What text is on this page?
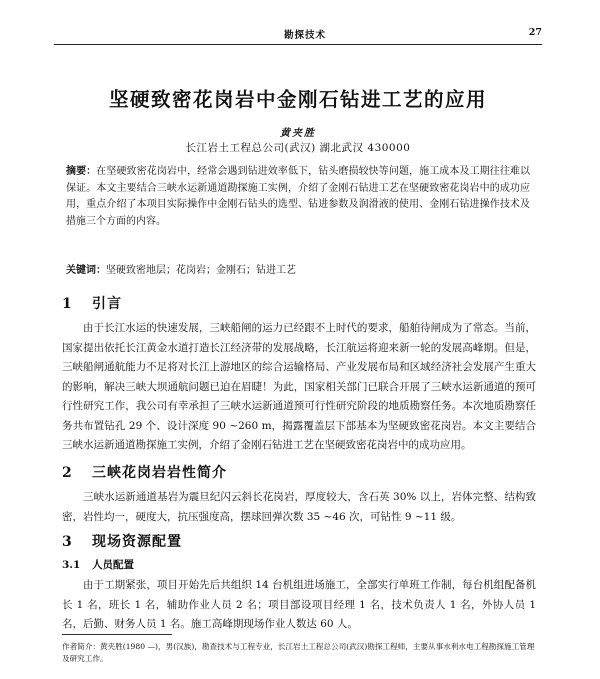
勘探技术	27
坚硬致密花岗岩中金刚石钻进工艺的应用
黄夹胜
长江岩土工程总公司(武汉) 湖北武汉 430000
摘要：在坚硬致密花岗岩中，经常会遇到钻进效率低下，钻头磨损较快等问题，施工成本及工期往往难以保证。本文主要结合三峡水运新通道勘探施工实例，介绍了金刚石钻进工艺在坚硬致密花岗岩中的成功应用，重点介绍了本项目实际操作中金刚石钻头的选型、钻进参数及润滑液的使用、金刚石钻进操作技术及措施三个方面的内容。
关键词：坚硬致密地层；花岗岩；金刚石；钻进工艺
1 引言
由于长江水运的快速发展，三峡船闸的运力已经跟不上时代的要求，船舶待闸成为了常态。当前，国家提出依托长江黄金水道打造长江经济带的发展战略，长江航运将迎来新一轮的发展高峰期。但是，三峡船闸通航能力不足将对长江上游地区的综合运输格局、产业发展布局和区域经济社会发展产生重大的影响，解决三峡大坝通航问题已迫在眉睫！为此，国家相关部门已联合开展了三峡水运新通道的预可行性研究工作，我公司有幸承担了三峡水运新通道预可行性研究阶段的地质勘察任务。本次地质勘察任务共布置钻孔 29 个、设计深度 90 ~260 m，揭露覆盖层下部基本为坚硬致密花岗岩。本文主要结合三峡水运新通道勘探施工实例，介绍了金刚石钻进工艺在坚硬致密花岗岩中的成功应用。
2 三峡花岗岩岩性简介
三峡水运新通道基岩为震旦纪闪云斜长花岗岩，厚度较大，含石英 30% 以上，岩体完整、结构致密，岩性均一，硬度大，抗压强度高，摆球回弹次数 35 ~46 次，可钻性 9 ~11 级。
3 现场资源配置
3.1 人员配置
由于工期紧张，项目开始先后共组织 14 台机组进场施工，全部实行单班工作制，每台机组配备机长 1 名，班长 1 名，辅助作业人员 2 名；项目部设项目经理 1 名，技术负责人 1 名，外协人员 1 名，后勤、财务人员 1 名。施工高峰期现场作业人数达 60 人。
作者简介：黄夹胜(1980 —)，男(汉族)，勘查技术与工程专业，长江岩土工程总公司(武汉)勘探工程师，主要从事水利水电工程勘探施工管理及研究工作。
